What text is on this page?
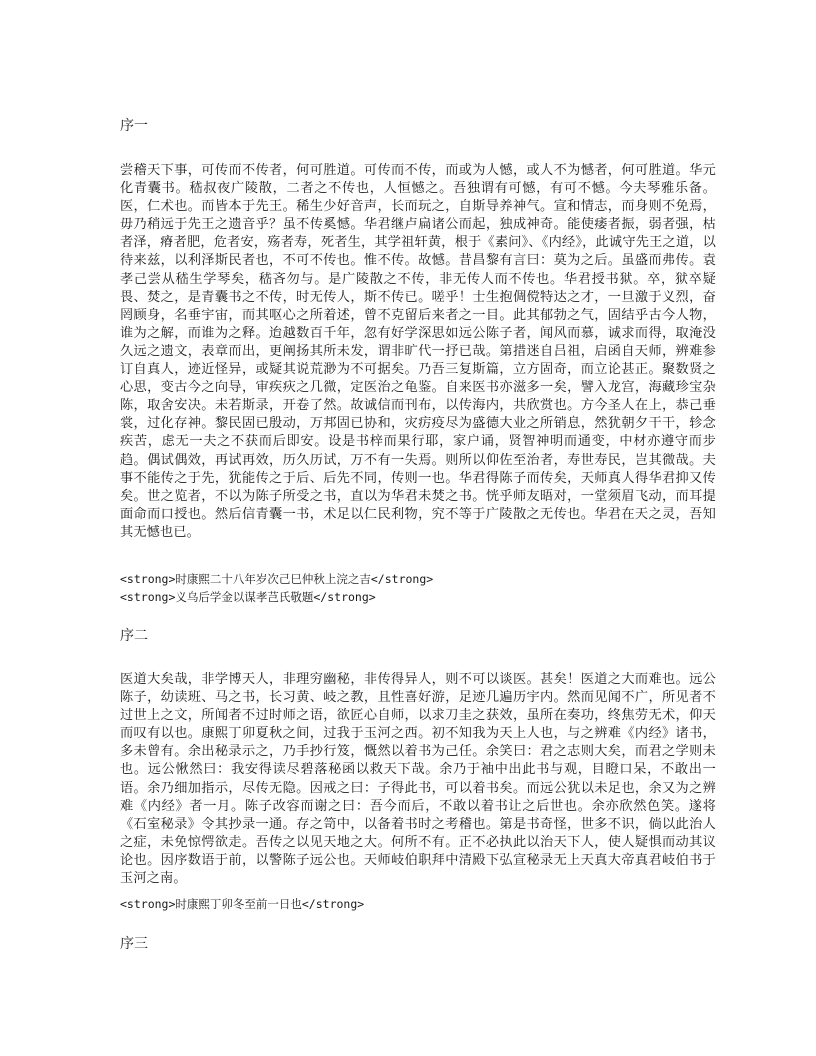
序一
尝稽天下事，可传而不传者，何可胜道。可传而不传，而或为人憾，或人不为憾者，何可胜道。华元化青囊书。嵇叔夜广陵散，二者之不传也，人恒憾之。吾独谓有可憾，有可不憾。今夫琴雅乐备。医，仁术也。而皆本于先王。稀生少好音声，长而玩之，自斯导养神气。宣和情志，而身则不免焉，毋乃稍远于先王之遗音乎？虽不传奚憾。华君继卢扁诸公而起，独成神奇。能使痿者振，弱者强，枯者泽，瘠者肥，危者安，殇者寿，死者生，其学祖轩黄，根于《素问》、《内经》，此诚守先王之道，以待来兹，以利泽斯民者也，不可不传也。惟不传。故憾。昔昌黎有言曰：莫为之后。虽盛而弗传。袁孝己尝从嵇生学琴矣，嵇吝勿与。是广陵散之不传，非无传人而不传也。华君授书狱。卒，狱卒疑畏、焚之，是青囊书之不传，时无传人，斯不传已。嗟乎！士生抱倜傥特达之才，一旦激于义烈，奋罔顾身，名垂宇宙，而其呕心之所着述，曾不克留后来者之一目。此其郁勃之气，固结乎古今人物，谁为之解，而谁为之释。迨越数百千年，忽有好学深思如远公陈子者，闻风而慕，诚求而得，取淹没久远之遗文，表章而出，更阐扬其所未发，谓非旷代一抒已哉。第措迷自吕祖，启函自天师，辨难参订自真人，迹近怪异，或疑其说荒渺为不可据矣。乃吾三复斯篇，立方固奇，而立论甚正。聚数贤之心思，变古今之向导，审疾疢之几微，定医治之龟鉴。自来医书亦滋多一矣，譬入龙宫，海藏珍宝杂陈，取舍安决。未若斯录，开卷了然。故诚信而刊布，以传海内，共欣赏也。方今圣人在上，恭己垂裳，过化存神。黎民固已殷动，万邦固已协和，灾疠疫尽为盛德大业之所销息，然犹朝夕干干，轸念疾苦，虑无一夫之不获而后即安。设是书梓而果行耶，家户诵，贤智神明而通变，中材亦遵守而步趋。偶试偶效，再试再效，历久历试，万不有一失焉。则所以仰佐至治者，寿世寿民，岂其微哉。夫事不能传之于先，犹能传之于后、后先不同，传则一也。华君得陈子而传矣，天师真人得华君抑又传矣。世之览者，不以为陈子所受之书，直以为华君未焚之书。恍乎师友晤对，一堂须眉飞动，而耳提面命而口授也。然后信青囊一书，术足以仁民利物，究不等于广陵散之无传也。华君在天之灵，吾知其无憾也已。
<strong>时康熙二十八年岁次己巳仲秋上浣之吉</strong>
<strong>义乌后学金以谋孝芑氏敬题</strong>
序二
医道大矣哉，非学博天人，非理穷幽秘，非传得异人，则不可以谈医。甚矣！医道之大而难也。远公陈子，幼读班、马之书，长习黄、岐之教，且性喜好游，足迹几遍历宇内。然而见闻不广，所见者不过世上之文，所闻者不过时师之语，欲匠心自师，以求刀圭之获效，虽所在奏功，终焦劳无术，仰天而叹有以也。康熙丁卯夏秋之间，过我于玉河之西。初不知我为天上人也，与之辨难《内经》诸书，多未曾有。余出秘录示之，乃手抄行笈，慨然以着书为己任。余笑曰：君之志则大矣，而君之学则未也。远公愀然曰：我安得读尽碧落秘函以救天下哉。余乃于袖中出此书与观，目瞪口呆，不敢出一语。余乃细加指示，尽传无隐。因戒之曰：子得此书，可以着书矣。而远公犹以未足也，余又为之辨难《内经》者一月。陈子改容而谢之曰：吾今而后，不敢以着书让之后世也。余亦欣然色笑。遂将《石室秘录》令其抄录一通。存之笥中，以备着书时之考稽也。第是书奇怪，世多不识，倘以此治人之症，未免惊愕欲走。吾传之以见天地之大。何所不有。正不必执此以治天下人，使人疑惧而动其议论也。因序数语于前，以警陈子远公也。天师岐伯职拜中清殿下弘宣秘录无上天真大帝真君岐伯书于玉河之南。
<strong>时康熙丁卯冬至前一日也</strong>
序三
